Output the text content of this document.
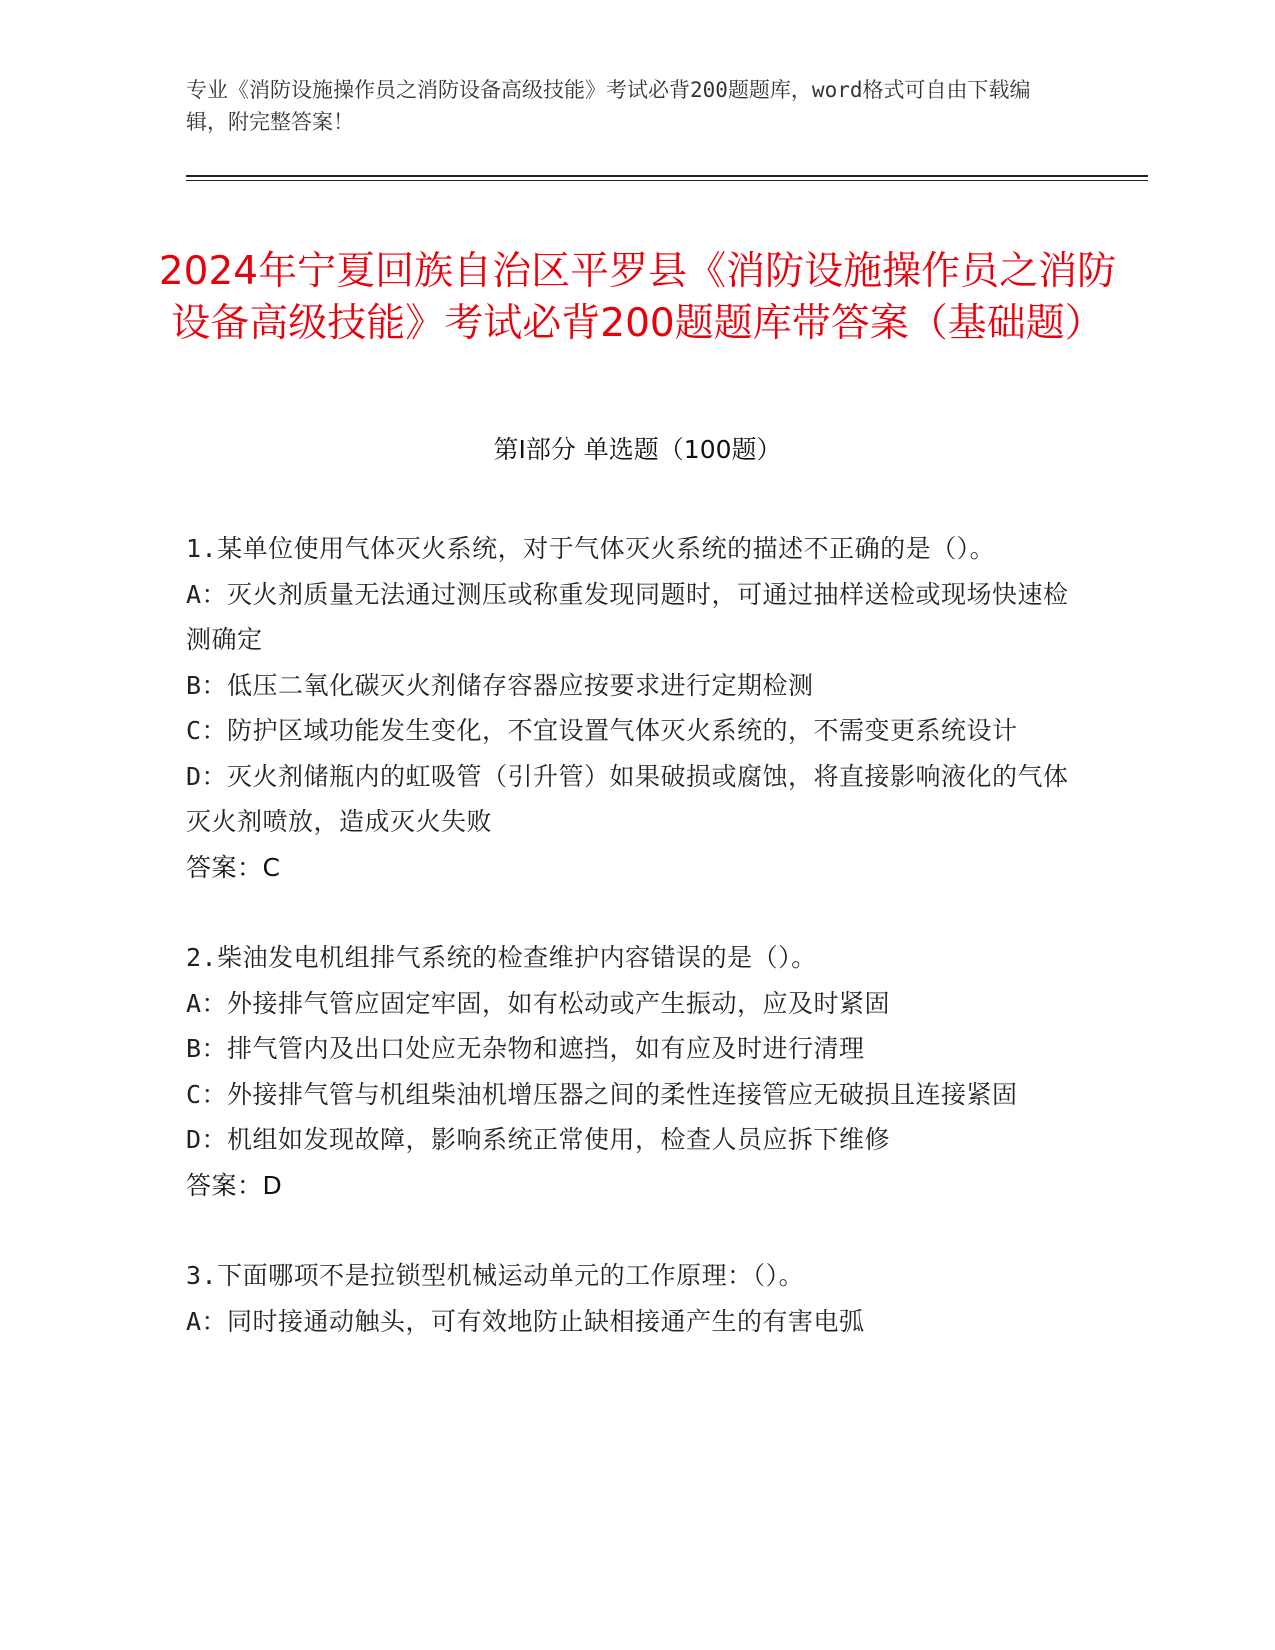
专业《消防设施操作员之消防设备高级技能》考试必背200题题库，word格式可自由下载编辑，附完整答案！
2024年宁夏回族自治区平罗县《消防设施操作员之消防设备高级技能》考试必背200题题库带答案（基础题）
第Ⅰ部分 单选题（100题）

1.某单位使用气体灭火系统，对于气体灭火系统的描述不正确的是（）。

A：灭火剂质量无法通过测压或称重发现同题时，可通过抽样送检或现场快速检测确定

B：低压二氧化碳灭火剂储存容器应按要求进行定期检测

C：防护区域功能发生变化，不宜设置气体灭火系统的，不需变更系统设计

D：灭火剂储瓶内的虹吸管（引升管）如果破损或腐蚀，将直接影响液化的气体灭火剂喷放，造成灭火失败

答案：C

2.柴油发电机组排气系统的检查维护内容错误的是（）。

A：外接排气管应固定牢固，如有松动或产生振动，应及时紧固

B：排气管内及出口处应无杂物和遮挡，如有应及时进行清理

C：外接排气管与机组柴油机增压器之间的柔性连接管应无破损且连接紧固

D：机组如发现故障，影响系统正常使用，检查人员应拆下维修

答案：D

3.下面哪项不是拉锁型机械运动单元的工作原理：（）。

A：同时接通动触头，可有效地防止缺相接通产生的有害电弧
